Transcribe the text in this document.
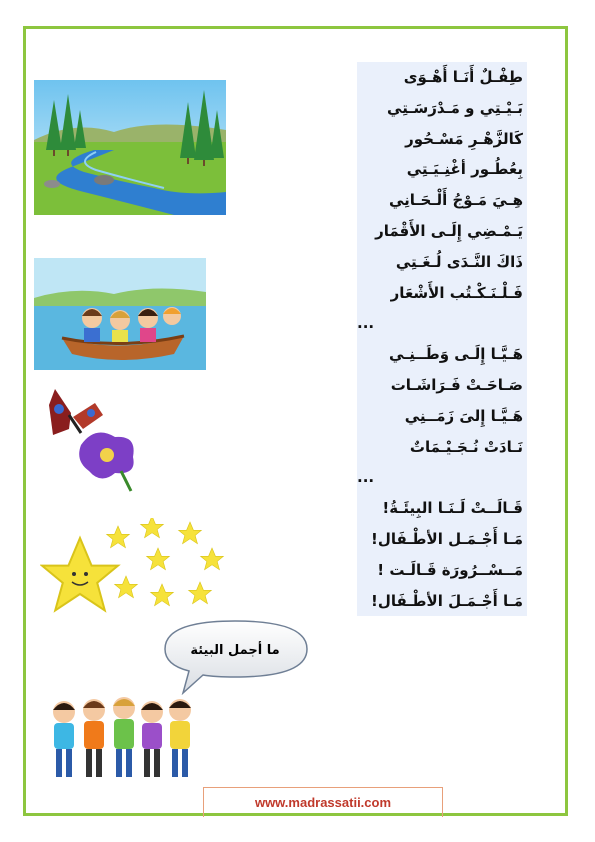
طِفْـلٌ أَنَـا أَهْـوَى
بَـيْـتِي و مَـدْرَسَـتِي
كَالزَّهْـرِ مَسْـحُور
بِعُطُـور أغْنِـيَـتِي
هِـيَ مَـوْجُ أَلْـحَـانِي
يَـمْـضِي إِلَـى الأَقْمَار
ذَاكَ النَّـدَى لُـغَـتِي
فَـلْـنَـكْـتُب الأَشْعَار
...
هَـيَّـا إِلَـى وَطَــنِـي
صَـاحَـتْ فَـرَاشَـات
هَـيَّـا إِلىَ زَمَــنِي
نَـادَتْ نُـجَـيْـمَاتٌ
...
قَـالَــتْ لَـنَـا البِيئَـةُ!
مَـا أَجْـمَـل الأطْـفَال!
مَــسْــرُورَة قَـالَـت !
مَـا أَجْـمَـلَ الأطْـفَال!
ما أجمل البيئة
www.madrassatii.com
